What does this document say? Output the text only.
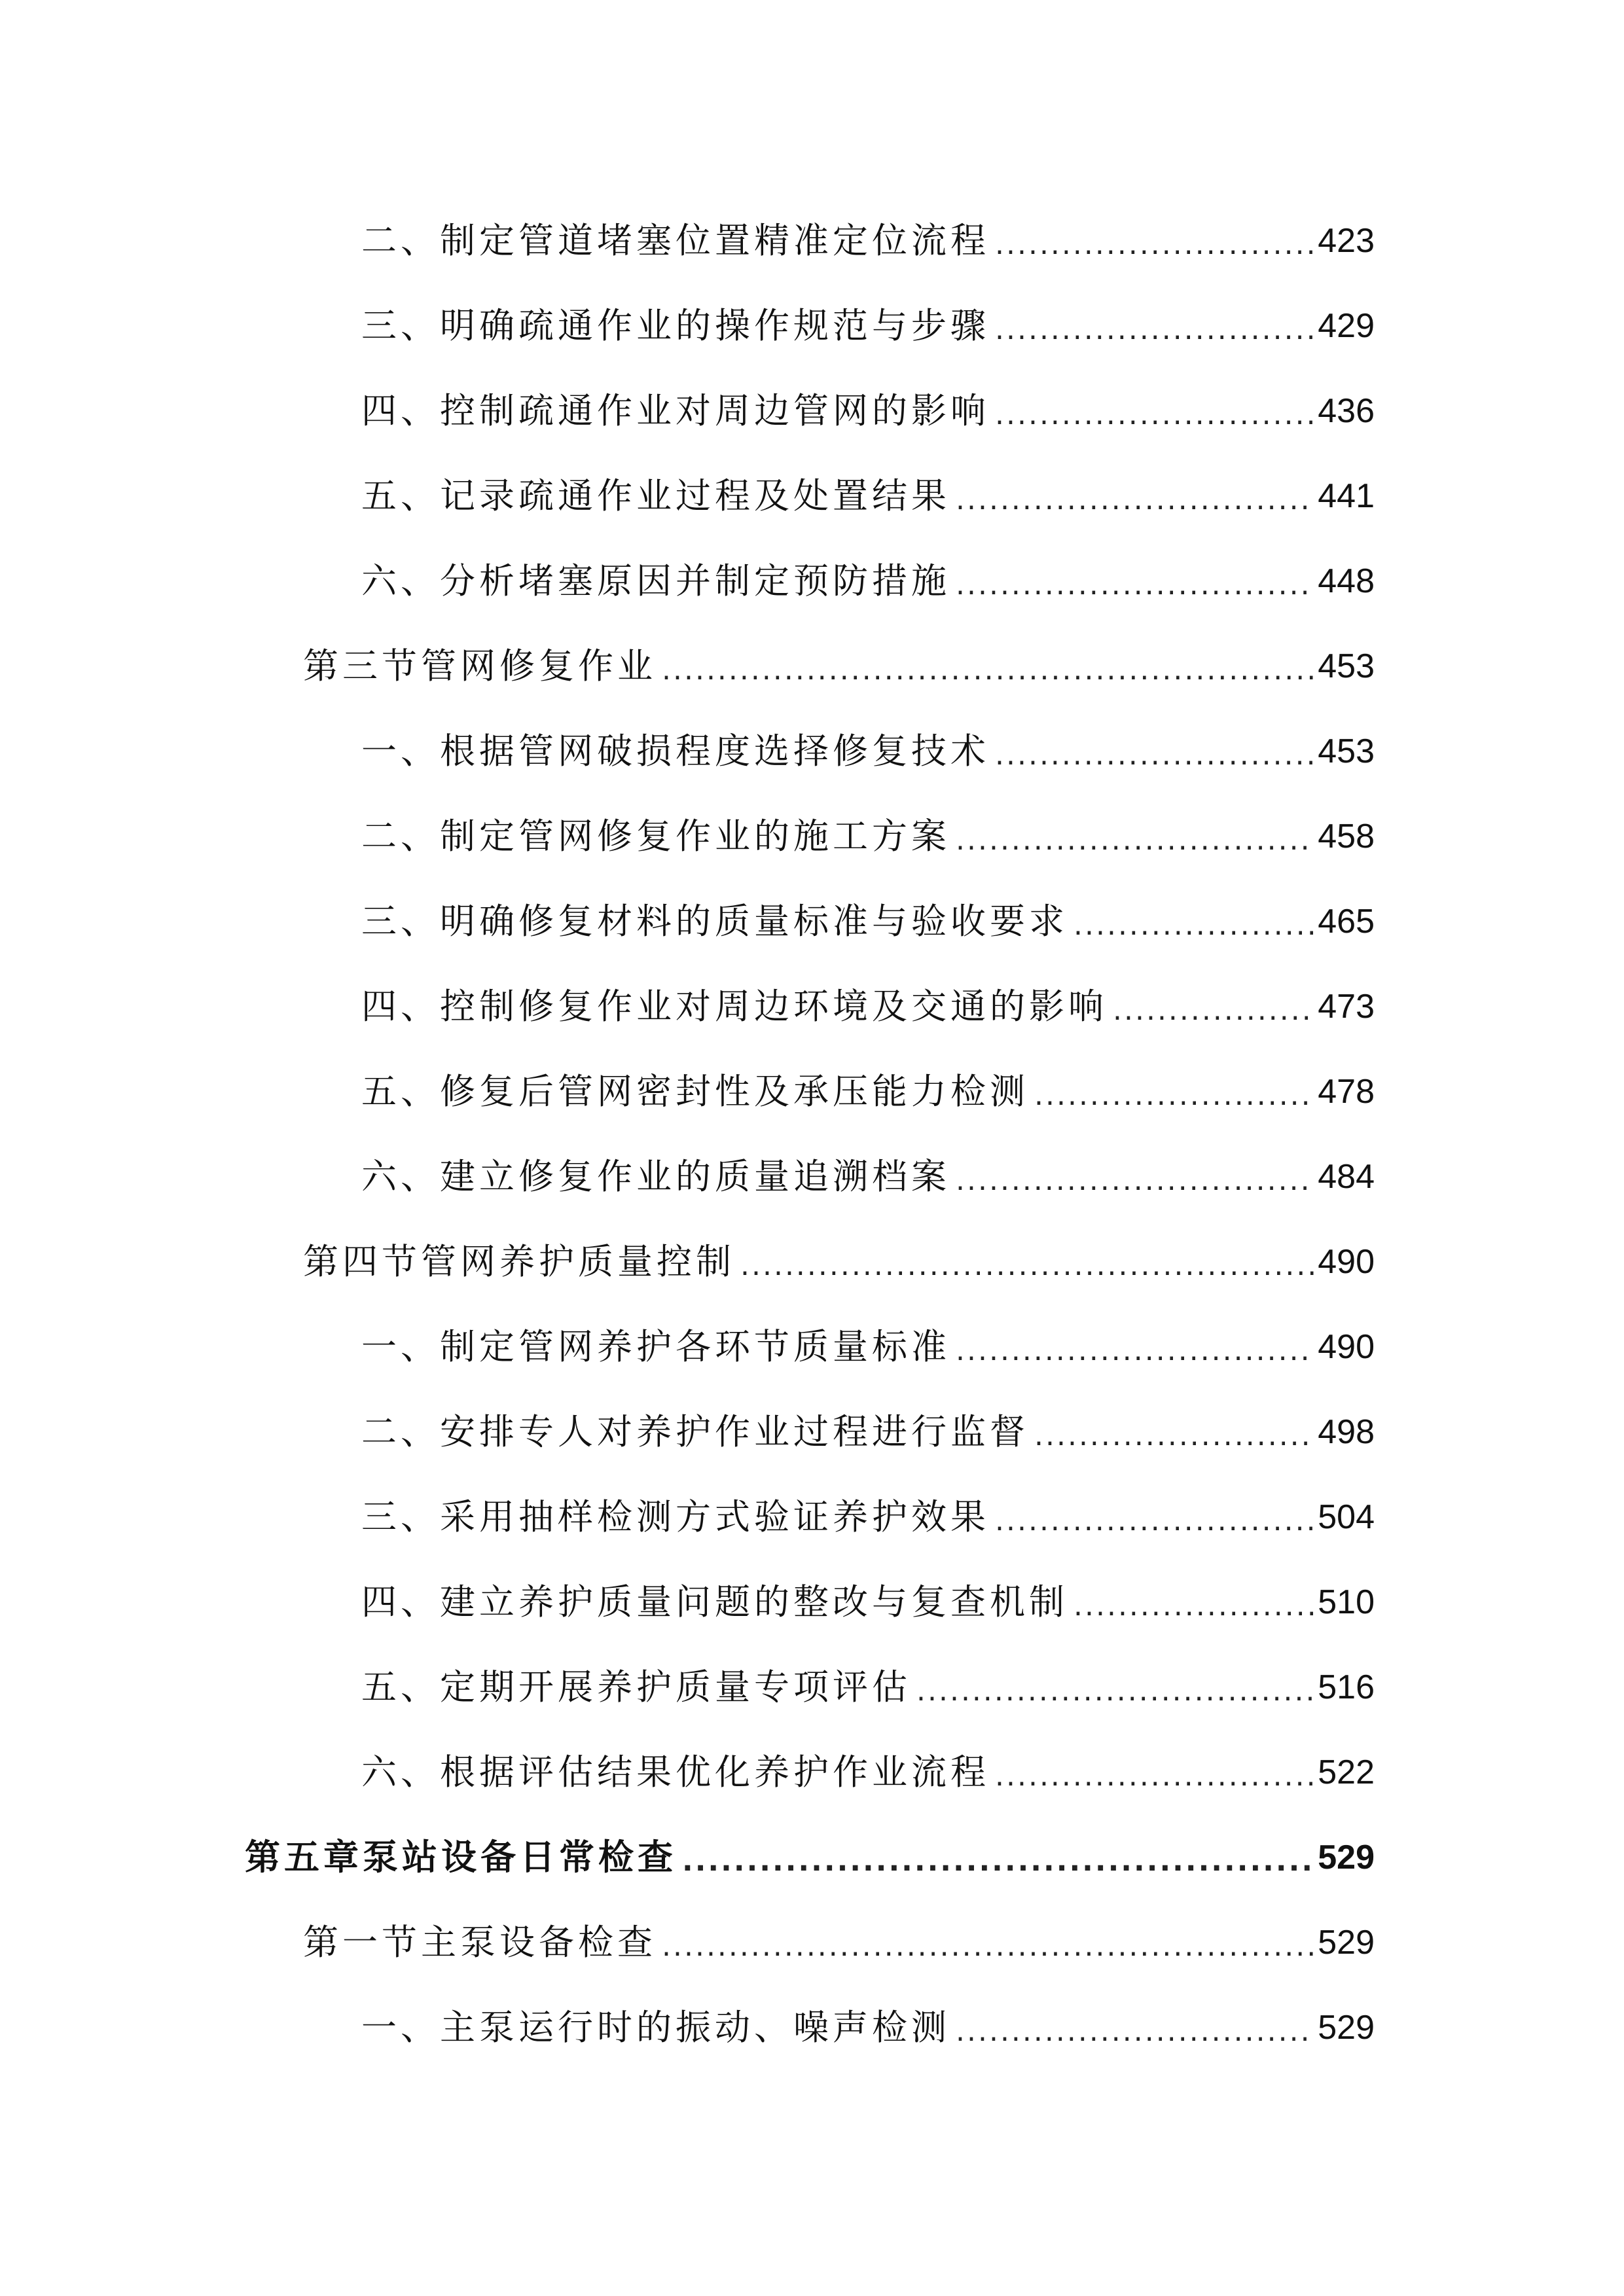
二、制定管道堵塞位置精准定位流程 .....	423
三、明确疏通作业的操作规范与步骤 .....	429
四、控制疏通作业对周边管网的影响 .....	436
五、记录疏通作业过程及处置结果 .....	441
六、分析堵塞原因并制定预防措施 .....	448
第三节管网修复作业 .....	453
一、根据管网破损程度选择修复技术 .....	453
二、制定管网修复作业的施工方案 .....	458
三、明确修复材料的质量标准与验收要求 .....	465
四、控制修复作业对周边环境及交通的影响 .....	473
五、修复后管网密封性及承压能力检测 .....	478
六、建立修复作业的质量追溯档案 .....	484
第四节管网养护质量控制 .....	490
一、制定管网养护各环节质量标准 .....	490
二、安排专人对养护作业过程进行监督 .....	498
三、采用抽样检测方式验证养护效果 .....	504
四、建立养护质量问题的整改与复查机制 .....	510
五、定期开展养护质量专项评估 .....	516
六、根据评估结果优化养护作业流程 .....	522
第五章泵站设备日常检查 .....	529
第一节主泵设备检查 .....	529
一、主泵运行时的振动、噪声检测 .....	529
